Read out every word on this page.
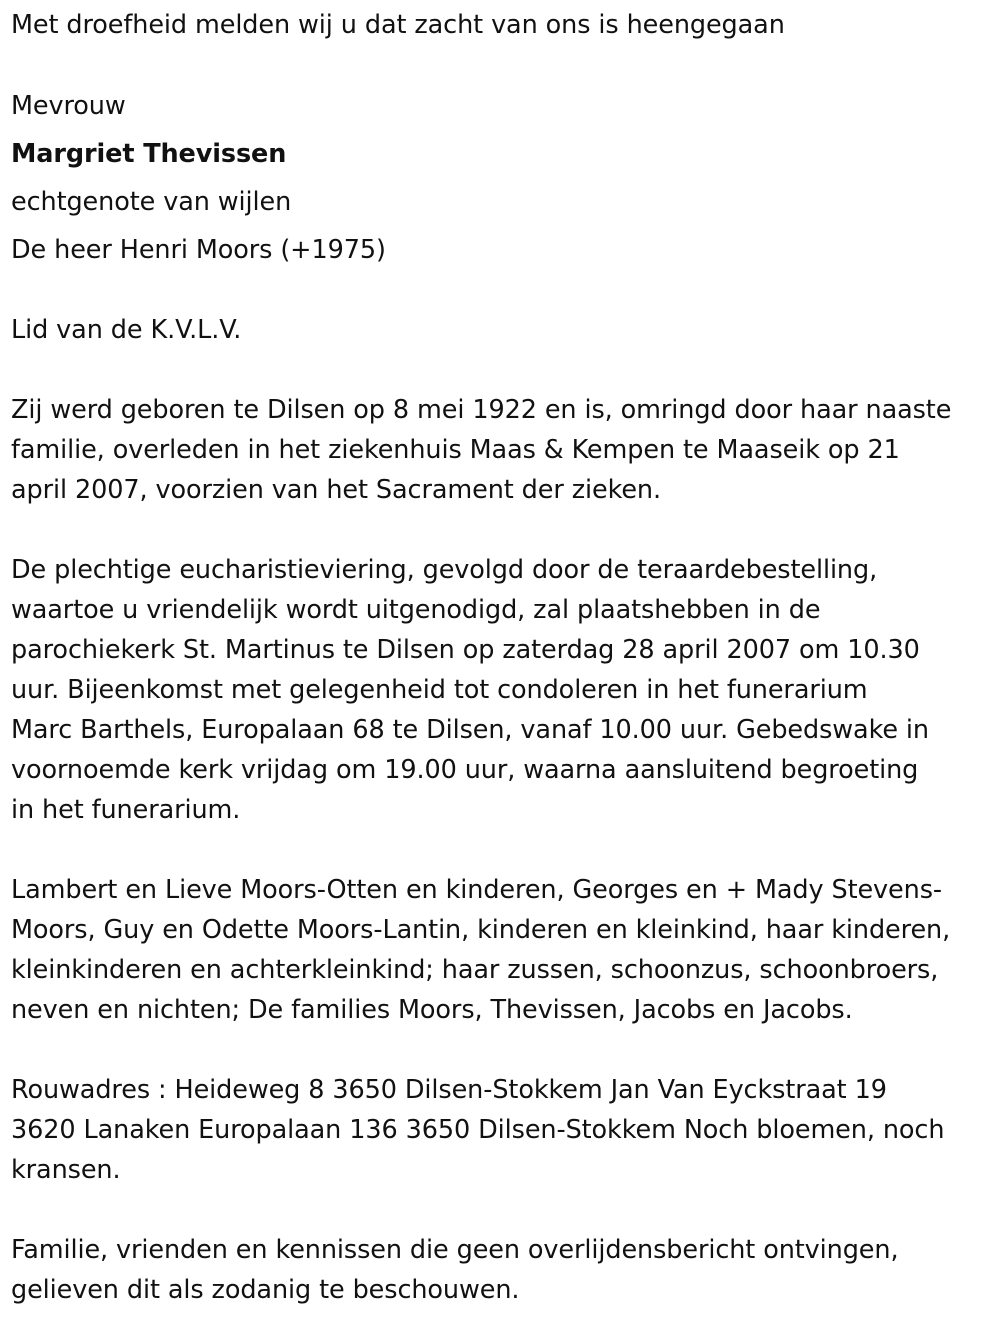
Met droefheid melden wij u dat zacht van ons is heengegaan
Mevrouw
Margriet Thevissen
echtgenote van wijlen
De heer Henri Moors (+1975)
Lid van de K.V.L.V.

Zij werd geboren te Dilsen op 8 mei 1922 en is, omringd door haar naaste

familie, overleden in het ziekenhuis Maas & Kempen te Maaseik op 21

april 2007, voorzien van het Sacrament der zieken.

De plechtige eucharistieviering, gevolgd door de teraardebestelling,

waartoe u vriendelijk wordt uitgenodigd, zal plaatshebben in de

parochiekerk St. Martinus te Dilsen op zaterdag 28 april 2007 om 10.30

uur. Bijeenkomst met gelegenheid tot condoleren in het funerarium

Marc Barthels, Europalaan 68 te Dilsen, vanaf 10.00 uur. Gebedswake in

voornoemde kerk vrijdag om 19.00 uur, waarna aansluitend begroeting

in het funerarium.

Lambert en Lieve Moors-Otten en kinderen, Georges en + Mady Stevens-

Moors, Guy en Odette Moors-Lantin, kinderen en kleinkind, haar kinderen,

kleinkinderen en achterkleinkind; haar zussen, schoonzus, schoonbroers,

neven en nichten; De families Moors, Thevissen, Jacobs en Jacobs.

Rouwadres : Heideweg 8 3650 Dilsen-Stokkem Jan Van Eyckstraat 19

3620 Lanaken Europalaan 136 3650 Dilsen-Stokkem Noch bloemen, noch

kransen.

Familie, vrienden en kennissen die geen overlijdensbericht ontvingen,

gelieven dit als zodanig te beschouwen.
